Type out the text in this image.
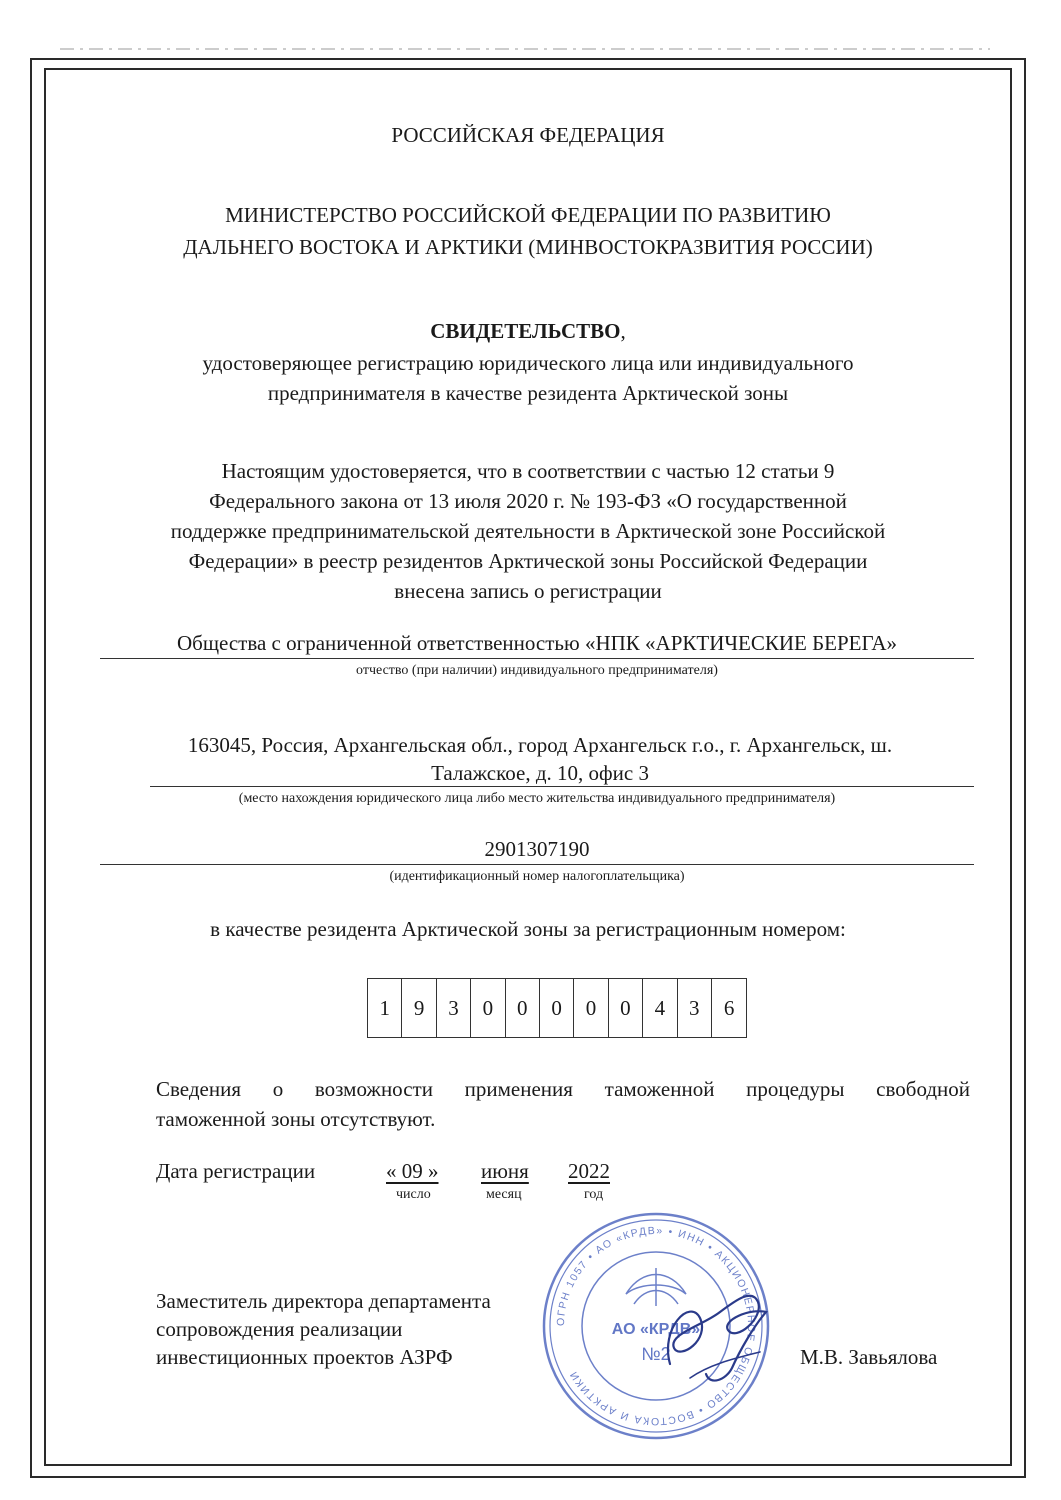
РОССИЙСКАЯ ФЕДЕРАЦИЯ
МИНИСТЕРСТВО РОССИЙСКОЙ ФЕДЕРАЦИИ ПО РАЗВИТИЮ
ДАЛЬНЕГО ВОСТОКА И АРКТИКИ (МИНВОСТОКРАЗВИТИЯ РОССИИ)
СВИДЕТЕЛЬСТВО,
удостоверяющее регистрацию юридического лица или индивидуального
предпринимателя в качестве резидента Арктической зоны
Настоящим удостоверяется, что в соответствии с частью 12 статьи 9
Федерального закона от 13 июля 2020 г. № 193-ФЗ «О государственной
поддержке предпринимательской деятельности в Арктической зоне Российской
Федерации» в реестр резидентов Арктической зоны Российской Федерации
внесена запись о регистрации
Общества с ограниченной ответственностью «НПК «АРКТИЧЕСКИЕ БЕРЕГА»
отчество (при наличии) индивидуального предпринимателя)
163045, Россия, Архангельская обл., город Архангельск г.о., г. Архангельск, ш.
Талажское, д. 10, офис 3
(место нахождения юридического лица либо место жительства индивидуального предпринимателя)
2901307190
(идентификационный номер налогоплательщика)
в качестве резидента Арктической зоны за регистрационным номером:
1	9	3	0	0	0	0	0	4	3	6
Сведения о возможности применения таможенной процедуры свободной
таможенной зоны отсутствуют.
Дата регистрации	« 09 » июня 2022
число	месяц	год
ОГРН 1057 • АО «КРДВ» • ИНН • АКЦИОНЕРНОЕ ОБЩЕСТВО • ВОСТОКА И АРКТИКИ
АО «КРДВ»
№2
Заместитель директора департамента
сопровождения реализации
инвестиционных проектов АЗРФ	М.В. Завьялова
